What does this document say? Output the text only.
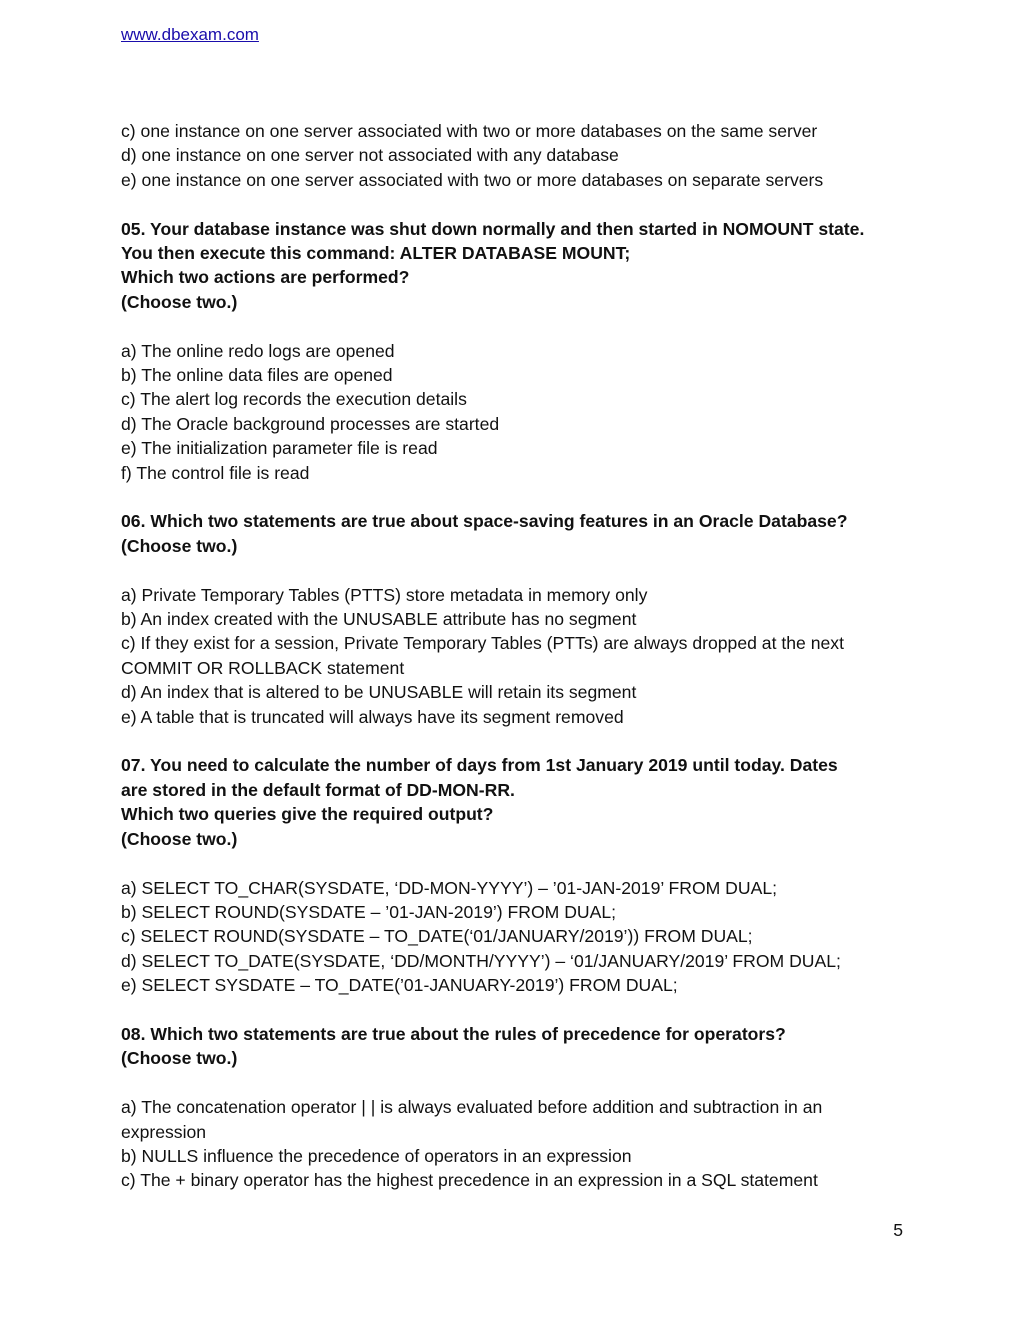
www.dbexam.com
c) one instance on one server associated with two or more databases on the same server
d) one instance on one server not associated with any database
e) one instance on one server associated with two or more databases on separate servers
05. Your database instance was shut down normally and then started in NOMOUNT state.
You then execute this command: ALTER DATABASE MOUNT;
Which two actions are performed?
(Choose two.)
a) The online redo logs are opened
b) The online data files are opened
c) The alert log records the execution details
d) The Oracle background processes are started
e) The initialization parameter file is read
f) The control file is read
06. Which two statements are true about space-saving features in an Oracle Database?
(Choose two.)
a) Private Temporary Tables (PTTS) store metadata in memory only
b) An index created with the UNUSABLE attribute has no segment
c) If they exist for a session, Private Temporary Tables (PTTs) are always dropped at the next COMMIT OR ROLLBACK statement
d) An index that is altered to be UNUSABLE will retain its segment
e) A table that is truncated will always have its segment removed
07. You need to calculate the number of days from 1st January 2019 until today. Dates
are stored in the default format of DD-MON-RR.
Which two queries give the required output?
(Choose two.)
a) SELECT TO_CHAR(SYSDATE, ‘DD-MON-YYYY’) – ’01-JAN-2019’ FROM DUAL;
b) SELECT ROUND(SYSDATE – ’01-JAN-2019’) FROM DUAL;
c) SELECT ROUND(SYSDATE – TO_DATE(‘01/JANUARY/2019’)) FROM DUAL;
d) SELECT TO_DATE(SYSDATE, ‘DD/MONTH/YYYY’) – ‘01/JANUARY/2019’ FROM DUAL;
e) SELECT SYSDATE – TO_DATE(’01-JANUARY-2019’) FROM DUAL;
08. Which two statements are true about the rules of precedence for operators?
(Choose two.)
a) The concatenation operator | | is always evaluated before addition and subtraction in an expression
b) NULLS influence the precedence of operators in an expression
c) The + binary operator has the highest precedence in an expression in a SQL statement
5
